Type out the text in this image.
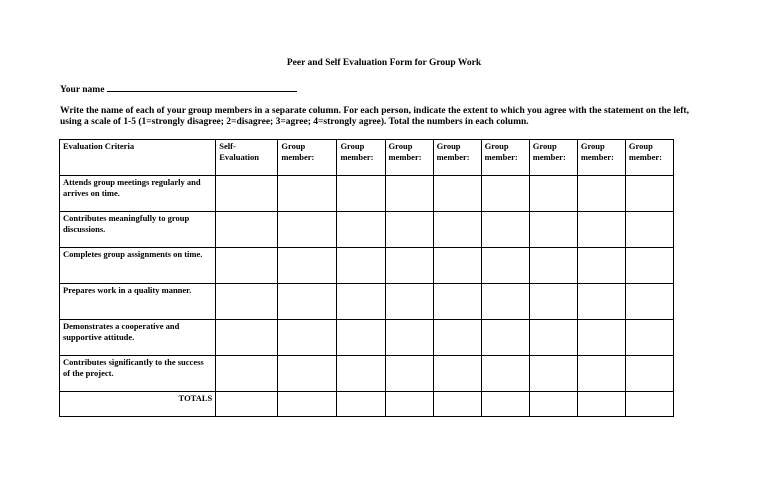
Peer and Self Evaluation Form for Group Work
Your name
Write the name of each of your group members in a separate column. For each person, indicate the extent to which you agree with the statement on the left, using a scale of 1-5 (1=strongly disagree; 2=disagree; 3=agree; 4=strongly agree). Total the numbers in each column.
Evaluation Criteria	Self-Evaluation	Group member:	Group member:	Group member:	Group member:	Group member:	Group member:	Group member:	Group member:
Attends group meetings regularly and arrives on time.									
Contributes meaningfully to group discussions.									
Completes group assignments on time.									
Prepares work in a quality manner.									
Demonstrates a cooperative and supportive attitude.									
Contributes significantly to the success of the project.									
TOTALS									
